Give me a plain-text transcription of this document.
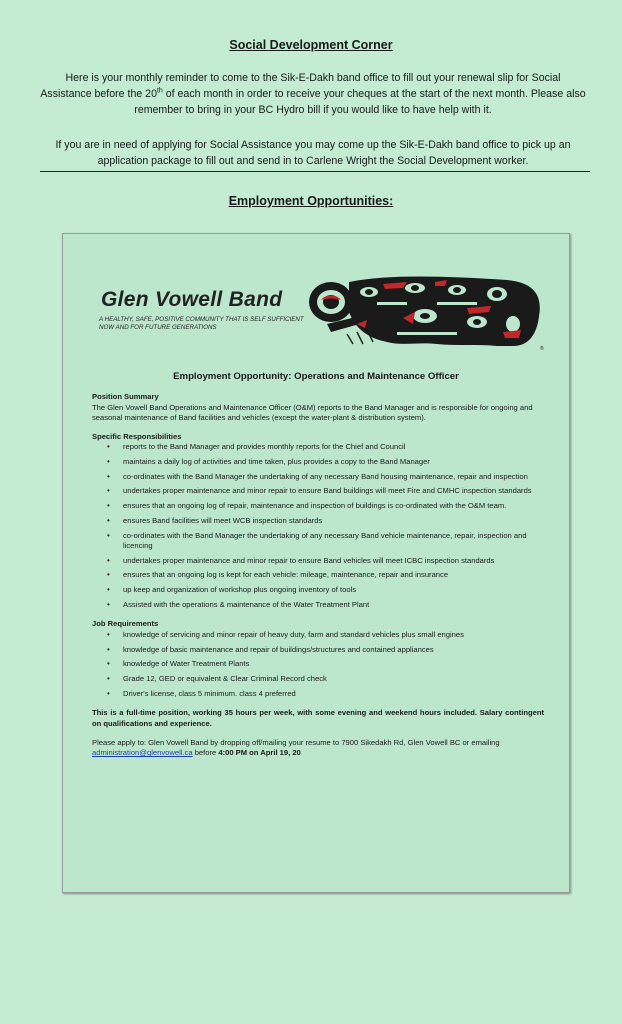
Social Development Corner
Here is your monthly reminder to come to the Sik-E-Dakh band office to fill out your renewal slip for Social Assistance before the 20th of each month in order to receive your cheques at the start of the next month. Please also remember to bring in your BC Hydro bill if you would like to have help with it.
If you are in need of applying for Social Assistance you may come up the Sik-E-Dakh band office to pick up an application package to fill out and send in to Carlene Wright the Social Development worker.
Employment Opportunities:
Glen Vowell Band
A HEALTHY, SAFE, POSITIVE COMMUNITY THAT IS SELF SUFFICIENT NOW AND FOR FUTURE GENERATIONS
®
Employment Opportunity: Operations and Maintenance Officer
Position Summary

The Glen Vowell Band Operations and Maintenance Officer (O&M) reports to the Band Manager and is responsible for ongoing and seasonal maintenance of Band facilities and vehicles (except the water-plant & distribution system).

Specific Responsibilities
• reports to the Band Manager and provides monthly reports for the Chief and Council
• maintains a daily log of activities and time taken, plus provides a copy to the Band Manager
• co-ordinates with the Band Manager the undertaking of any necessary Band housing maintenance, repair and inspection
• undertakes proper maintenance and minor repair to ensure Band buildings will meet Fire and CMHC inspection standards
• ensures that an ongoing log of repair, maintenance and inspection of buildings is co-ordinated with the O&M team.
• ensures Band facilities will meet WCB inspection standards
• co-ordinates with the Band Manager the undertaking of any necessary Band vehicle maintenance, repair, inspection and licencing
• undertakes proper maintenance and minor repair to ensure Band vehicles will meet ICBC inspection standards
• ensures that an ongoing log is kept for each vehicle: mileage, maintenance, repair and insurance
• up keep and organization of workshop plus ongoing inventory of tools
• Assisted with the operations & maintenance of the Water Treatment Plant
Job Requirements
• knowledge of servicing and minor repair of heavy duty, farm and standard vehicles plus small engines
• knowledge of basic maintenance and repair of buildings/structures and contained appliances
• knowledge of Water Treatment Plants
• Grade 12, GED or equivalent & Clear Criminal Record check
• Driver's license, class 5 minimum. class 4 preferred

This is a full-time position, working 35 hours per week, with some evening and weekend hours included. Salary contingent on qualifications and experience.

Please apply to: Glen Vowell Band by dropping off/mailing your resume to 7900 Sikedakh Rd, Glen Vowell BC or emailing administration@glenvowell.ca before 4:00 PM on April 19, 20
